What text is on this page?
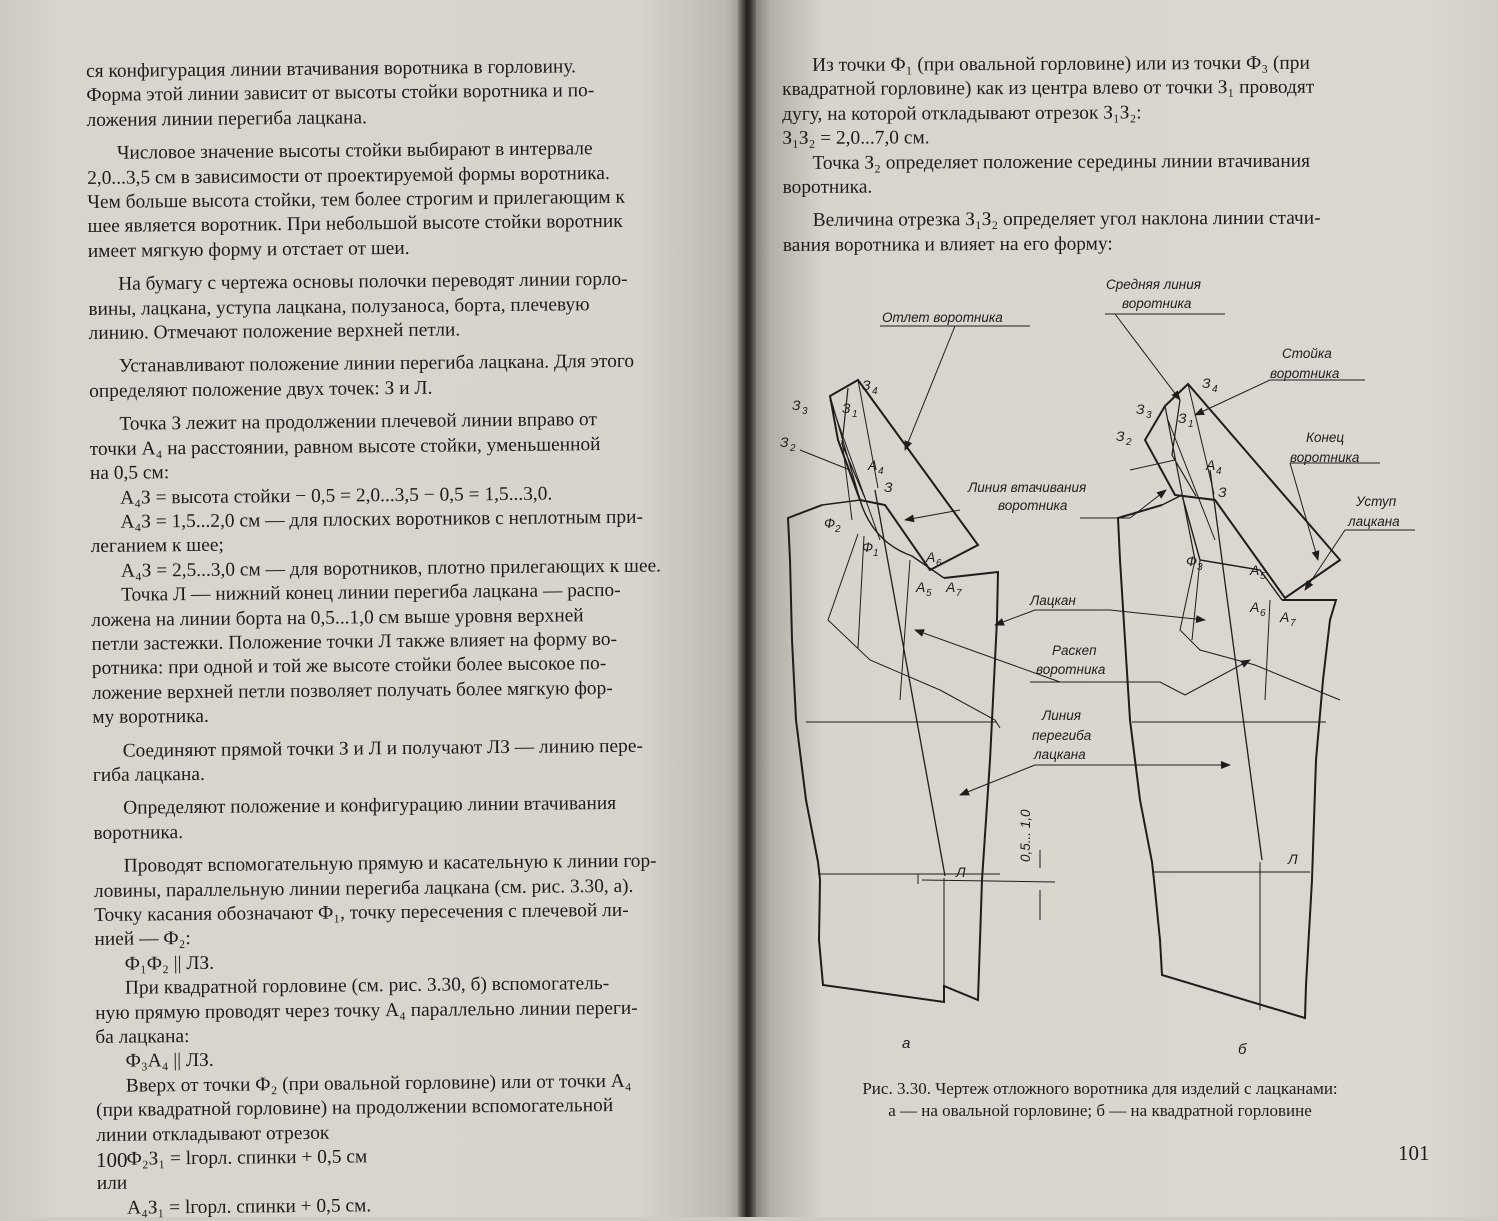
ся конфигурация линии втачивания воротника в горловину.

Форма этой линии зависит от высоты стойки воротника и по-

ложения линии перегиба лацкана.

Числовое значение высоты стойки выбирают в интервале

2,0...3,5 см в зависимости от проектируемой формы воротника.

Чем больше высота стойки, тем более строгим и прилегающим к

шее является воротник. При небольшой высоте стойки воротник

имеет мягкую форму и отстает от шеи.

На бумагу с чертежа основы полочки переводят линии горло-

вины, лацкана, уступа лацкана, полузаноса, борта, плечевую

линию. Отмечают положение верхней петли.

Устанавливают положение линии перегиба лацкана. Для этого

определяют положение двух точек: З и Л.

Точка З лежит на продолжении плечевой линии вправо от

точки А₄ на расстоянии, равном высоте стойки, уменьшенной

на 0,5 см:

А₄З = высота стойки − 0,5 = 2,0...3,5 − 0,5 = 1,5...3,0.

А₄З = 1,5...2,0 см — для плоских воротников с неплотным при-

леганием к шее;

А₄З = 2,5...3,0 см — для воротников, плотно прилегающих к шее.

Точка Л — нижний конец линии перегиба лацкана — распо-

ложена на линии борта на 0,5...1,0 см выше уровня верхней

петли застежки. Положение точки Л также влияет на форму во-

ротника: при одной и той же высоте стойки более высокое по-

ложение верхней петли позволяет получать более мягкую фор-

му воротника.

Соединяют прямой точки З и Л и получают ЛЗ — линию пере-

гиба лацкана.

Определяют положение и конфигурацию линии втачивания

воротника.

Проводят вспомогательную прямую и касательную к линии гор-

ловины, параллельную линии перегиба лацкана (см. рис. 3.30, а).

Точку касания обозначают Ф₁, точку пересечения с плечевой ли-

нией — Ф₂:

Ф₁Ф₂ || ЛЗ.

При квадратной горловине (см. рис. 3.30, б) вспомогатель-

ную прямую проводят через точку А₄ параллельно линии переги-

ба лацкана:

Ф₃А₄ || ЛЗ.

Вверх от точки Ф₂ (при овальной горловине) или от точки А₄

(при квадратной горловине) на продолжении вспомогательной

линии откладывают отрезок

Ф₂З₁ = lгорл. спинки + 0,5 см

или

А₄З₁ = lгорл. спинки + 0,5 см.

100

Из точки Ф₁ (при овальной горловине) или из точки Ф₃ (при

квадратной горловине) как из центра влево от точки З₁ проводят

дугу, на которой откладывают отрезок З₁З₂:

З₁З₂ = 2,0...7,0 см.

Точка З₂ определяет положение середины линии втачивания

воротника.

Величина отрезка З₁З₂ определяет угол наклона линии стачи-

вания воротника и влияет на его форму:

Отлет воротника
Лацкан
Линия втачивания
воротника
Раскеп
воротника
Линия
перегиба
лацкана
0,5... 1,0
а
З 4
З 3 З 1
З 2
А 4
З
Ф 2
Ф 1	А 6
А 5 А 7
Л
Средняя линия
воротника
Стойка
воротника
Конец
воротника
Уступ
лацкана
б
З 4
З 3 З 1
З 2
А 4
З
Ф 3	А 5
А 6 А 7
Л
Рис. 3.30. Чертеж отложного воротника для изделий с лацканами:
а — на овальной горловине; б — на квадратной горловине
101
